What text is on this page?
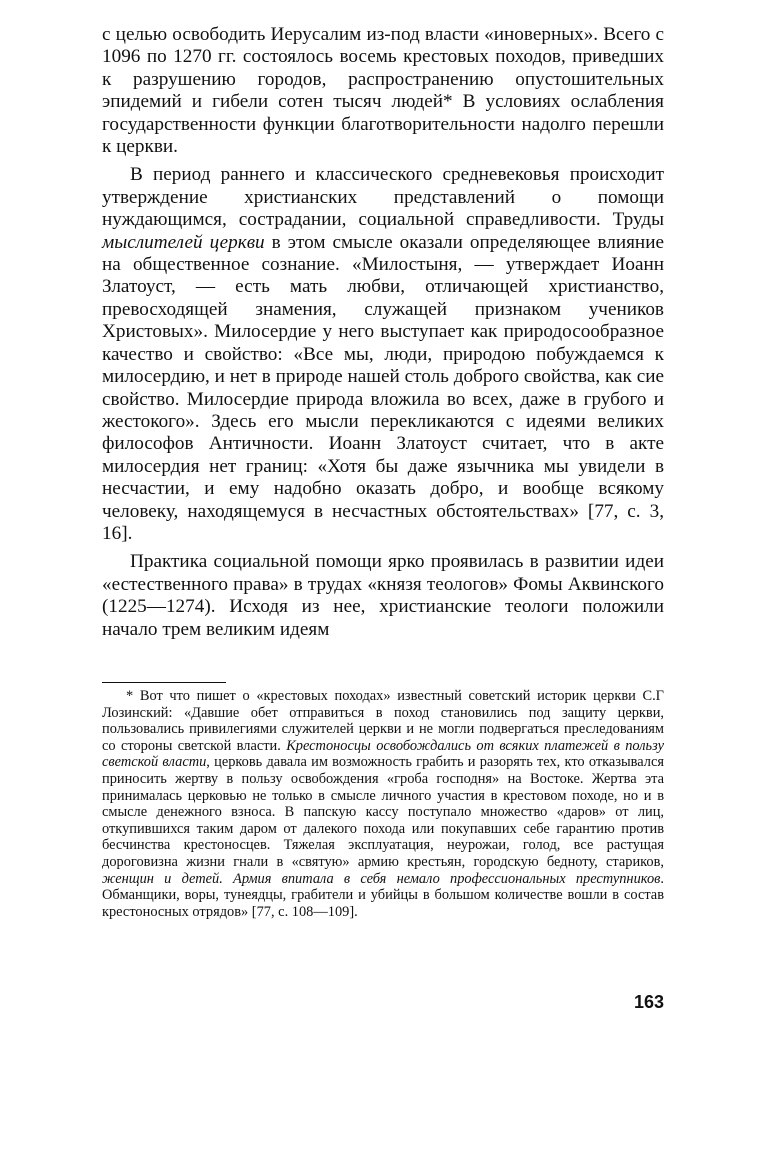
с целью освободить Иерусалим из-под власти «иноверных». Всего с 1096 по 1270 гг. состоялось восемь крестовых походов, приведших к разрушению городов, распространению опустошительных эпидемий и гибели сотен тысяч людей* В условиях ослабления государственности функции благотворительности надолго перешли к церкви.

В период раннего и классического средневековья происходит утверждение христианских представлений о помощи нуждающимся, сострадании, социальной справедливости. Труды мыслителей церкви в этом смысле оказали определяющее влияние на общественное сознание. «Милостыня, — утверждает Иоанн Златоуст, — есть мать любви, отличающей христианство, превосходящей знамения, служащей признаком учеников Христовых». Милосердие у него выступает как природосообразное качество и свойство: «Все мы, люди, природою побуждаемся к милосердию, и нет в природе нашей столь доброго свойства, как сие свойство. Милосердие природа вложила во всех, даже в грубого и жестокого». Здесь его мысли перекликаются с идеями великих философов Античности. Иоанн Златоуст считает, что в акте милосердия нет границ: «Хотя бы даже язычника мы увидели в несчастии, и ему надобно оказать добро, и вообще всякому человеку, находящемуся в несчастных обстоятельствах» [77, с. 3, 16].

Практика социальной помощи ярко проявилась в развитии идеи «естественного права» в трудах «князя теологов» Фомы Аквинского (1225—1274). Исходя из нее, христианские теологи положили начало трем великим идеям

* Вот что пишет о «крестовых походах» известный советский историк церкви С.Г Лозинский: «Давшие обет отправиться в поход становились под защиту церкви, пользовались привилегиями служителей церкви и не могли подвергаться преследованиям со стороны светской власти. Крестоносцы освобождались от всяких платежей в пользу светской власти, церковь давала им возможность грабить и разорять тех, кто отказывался приносить жертву в пользу освобождения «гроба господня» на Востоке. Жертва эта принималась церковью не только в смысле личного участия в крестовом походе, но и в смысле денежного взноса. В папскую кассу поступало множество «даров» от лиц, откупившихся таким даром от далекого похода или покупавших себе гарантию против бесчинства крестоносцев. Тяжелая эксплуатация, неурожаи, голод, все растущая дороговизна жизни гнали в «святую» армию крестьян, городскую бедноту, стариков, женщин и детей. Армия впитала в себя немало профессиональных преступников. Обманщики, воры, тунеядцы, грабители и убийцы в большом количестве вошли в состав крестоносных отрядов» [77, с. 108—109].

163
